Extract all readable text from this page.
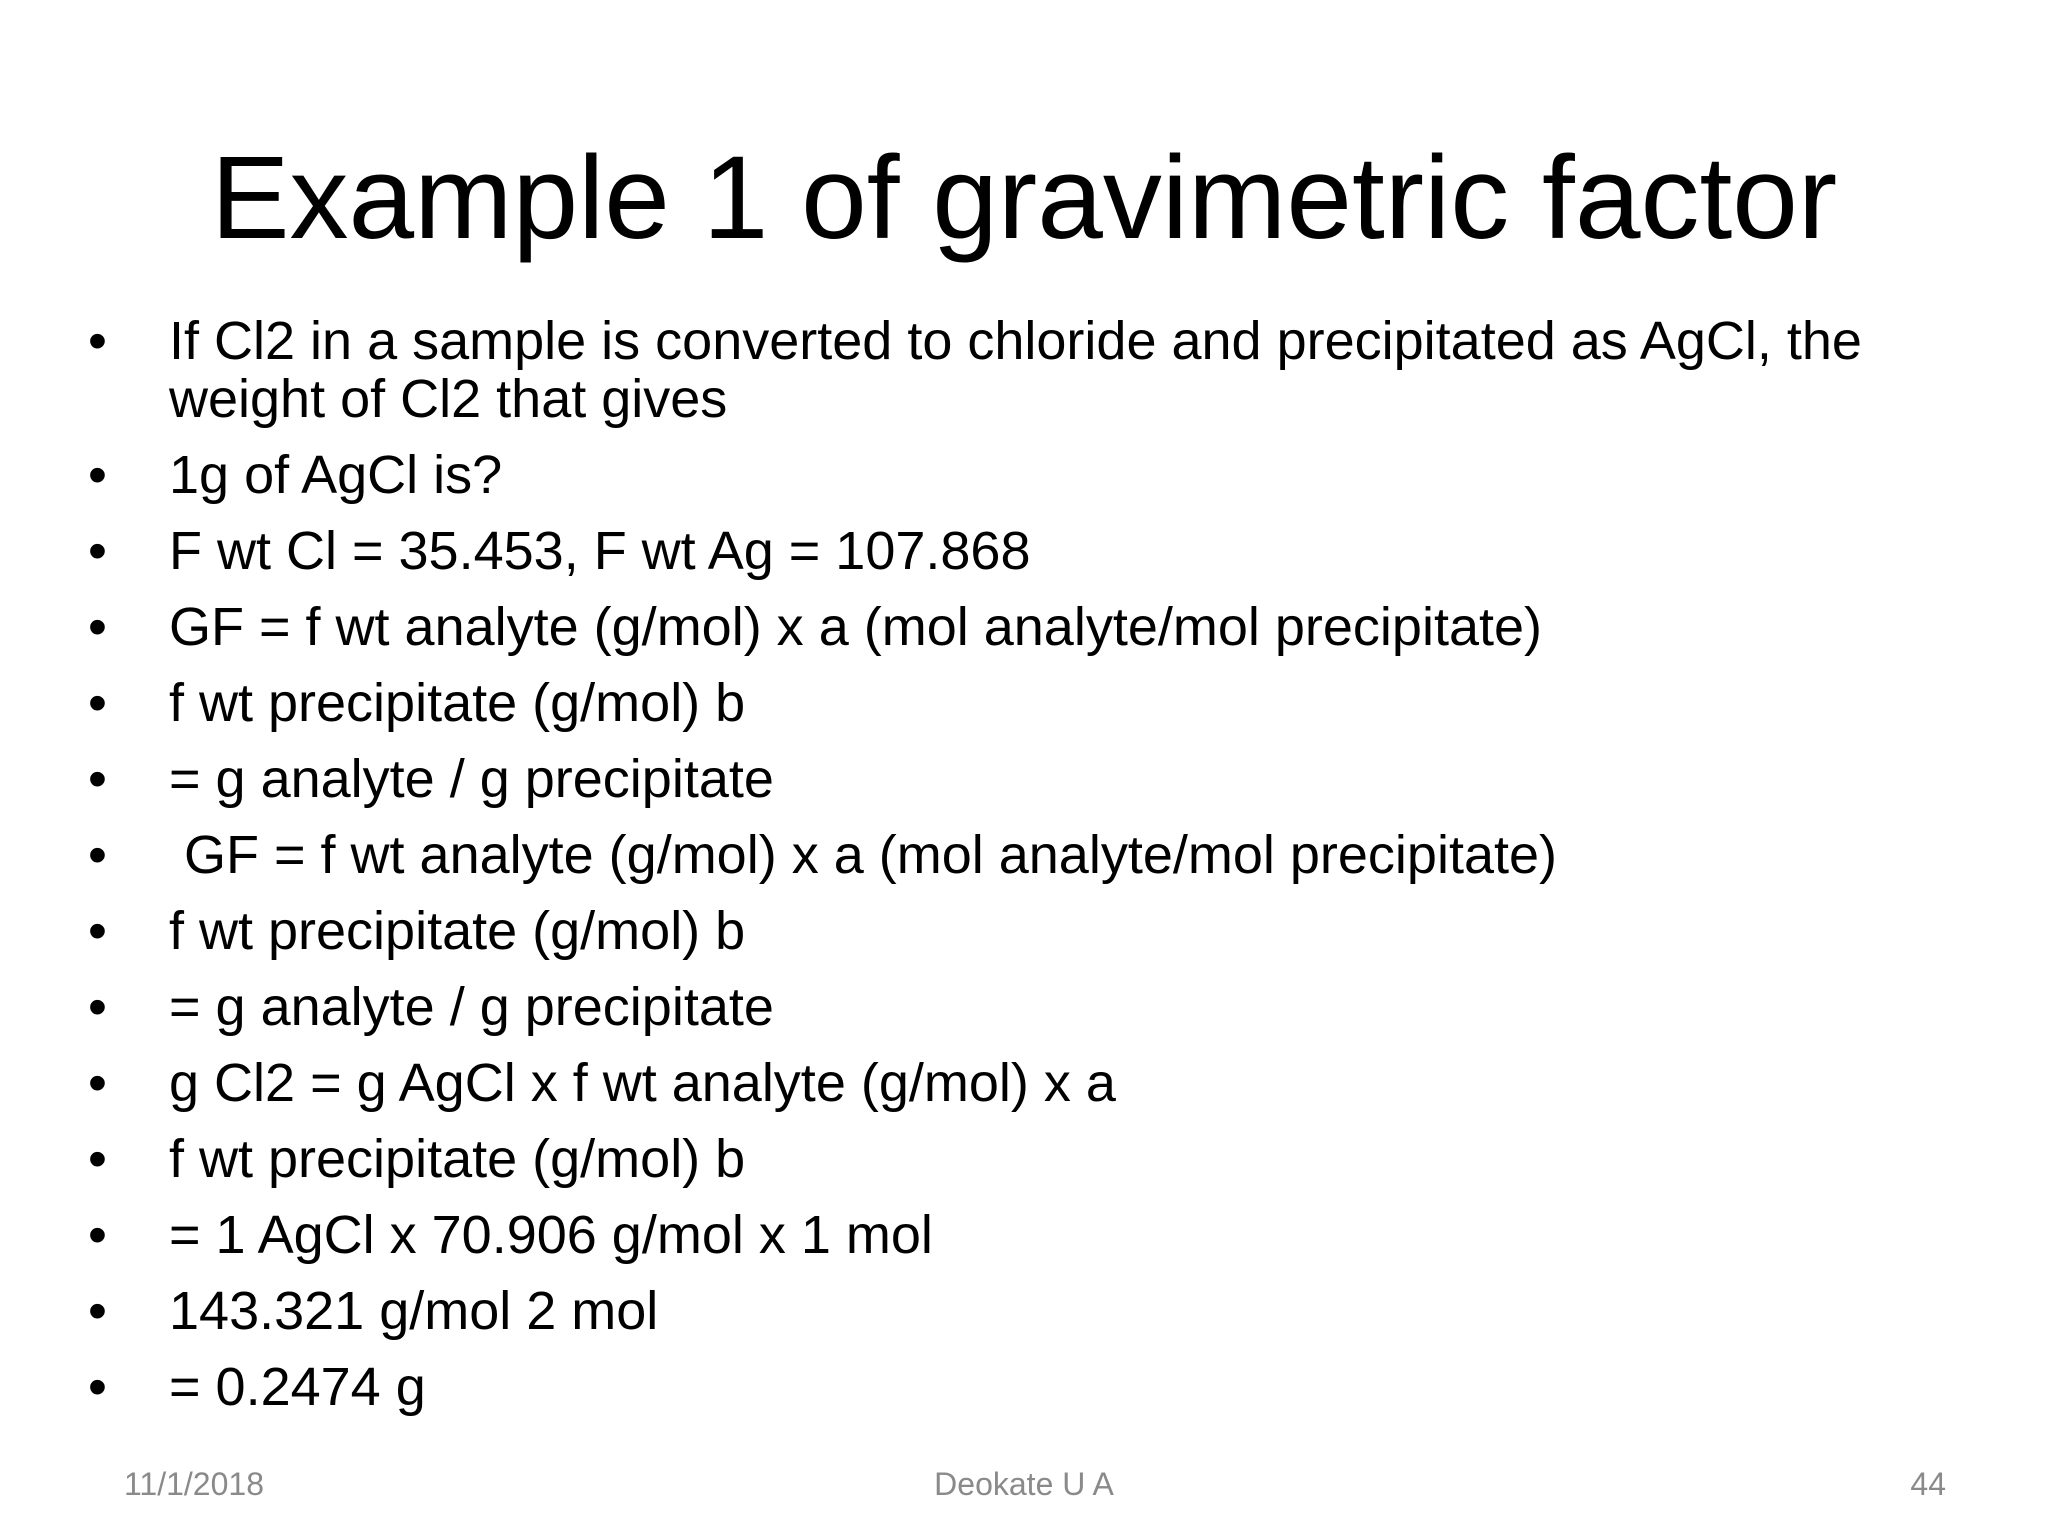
Example 1 of gravimetric factor
• If Cl2 in a sample is converted to chloride and precipitated as AgCl, the weight of Cl2 that gives
• 1g of AgCl is?
• F wt Cl = 35.453, F wt Ag = 107.868
• GF = f wt analyte (g/mol) x a (mol analyte/mol precipitate)
• f wt precipitate (g/mol) b
• = g analyte / g precipitate
•  GF = f wt analyte (g/mol) x a (mol analyte/mol precipitate)
• f wt precipitate (g/mol) b
• = g analyte / g precipitate
• g Cl2 = g AgCl x f wt analyte (g/mol) x a
• f wt precipitate (g/mol) b
• = 1 AgCl x 70.906 g/mol x 1 mol
• 143.321 g/mol 2 mol
• = 0.2474 g
11/1/2018	Deokate U A	44
